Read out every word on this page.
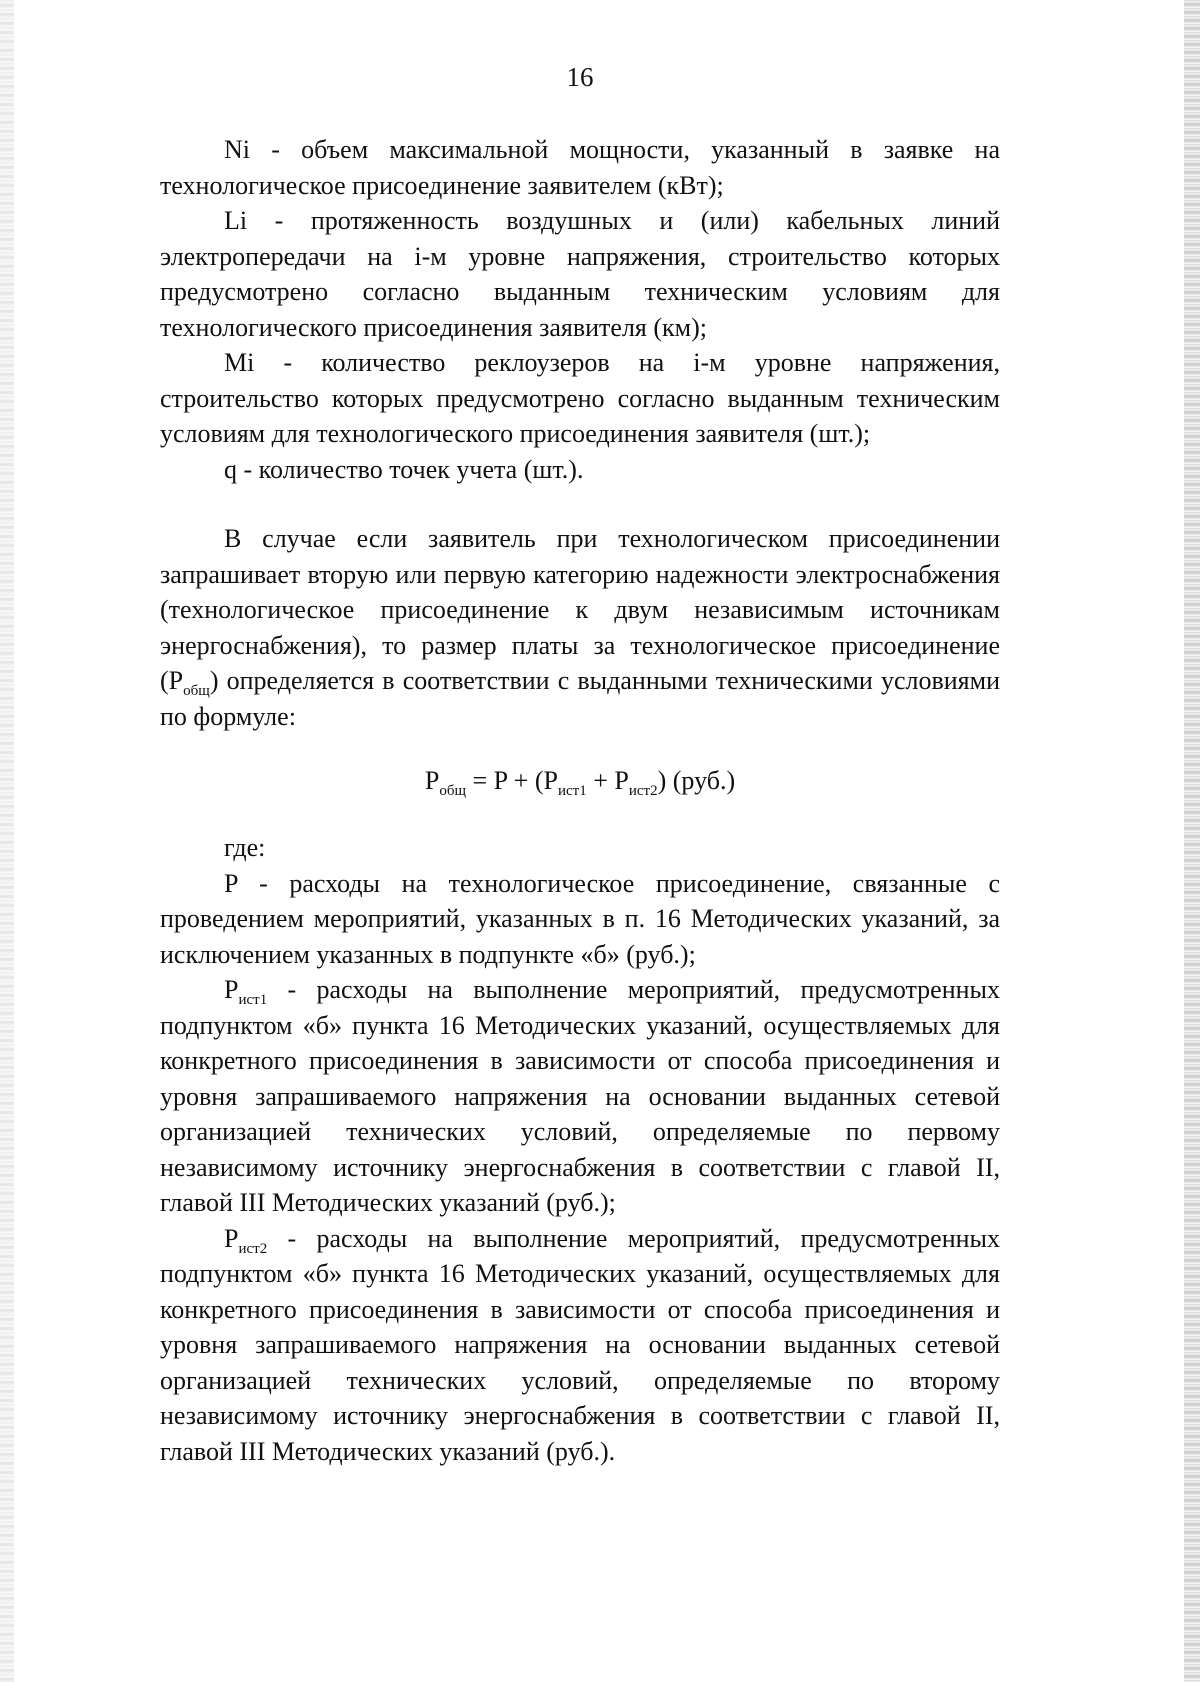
16

Ni - объем максимальной мощности, указанный в заявке на технологическое присоединение заявителем (кВт);

Li - протяженность воздушных и (или) кабельных линий электропередачи на i-м уровне напряжения, строительство которых предусмотрено согласно выданным техническим условиям для технологического присоединения заявителя (км);

Mi - количество реклоузеров на i-м уровне напряжения, строительство которых предусмотрено согласно выданным техническим условиям для технологического присоединения заявителя (шт.);

q - количество точек учета (шт.).

В случае если заявитель при технологическом присоединении запрашивает вторую или первую категорию надежности электроснабжения (технологическое присоединение к двум независимым источникам энергоснабжения), то размер платы за технологическое присоединение $(P_{общ})$ определяется в соответствии с выданными техническими условиями по формуле:

$P_{общ} = P + (P_{ист1} + P_{ист2})$ (руб.)

где:

P - расходы на технологическое присоединение, связанные с проведением мероприятий, указанных в п. 16 Методических указаний, за исключением указанных в подпункте «б» (руб.);

$P_{ист1}$ - расходы на выполнение мероприятий, предусмотренных подпунктом «б» пункта 16 Методических указаний, осуществляемых для конкретного присоединения в зависимости от способа присоединения и уровня запрашиваемого напряжения на основании выданных сетевой организацией технических условий, определяемые по первому независимому источнику энергоснабжения в соответствии с главой II, главой III Методических указаний (руб.);

$P_{ист2}$ - расходы на выполнение мероприятий, предусмотренных подпунктом «б» пункта 16 Методических указаний, осуществляемых для конкретного присоединения в зависимости от способа присоединения и уровня запрашиваемого напряжения на основании выданных сетевой организацией технических условий, определяемые по второму независимому источнику энергоснабжения в соответствии с главой II, главой III Методических указаний (руб.).
